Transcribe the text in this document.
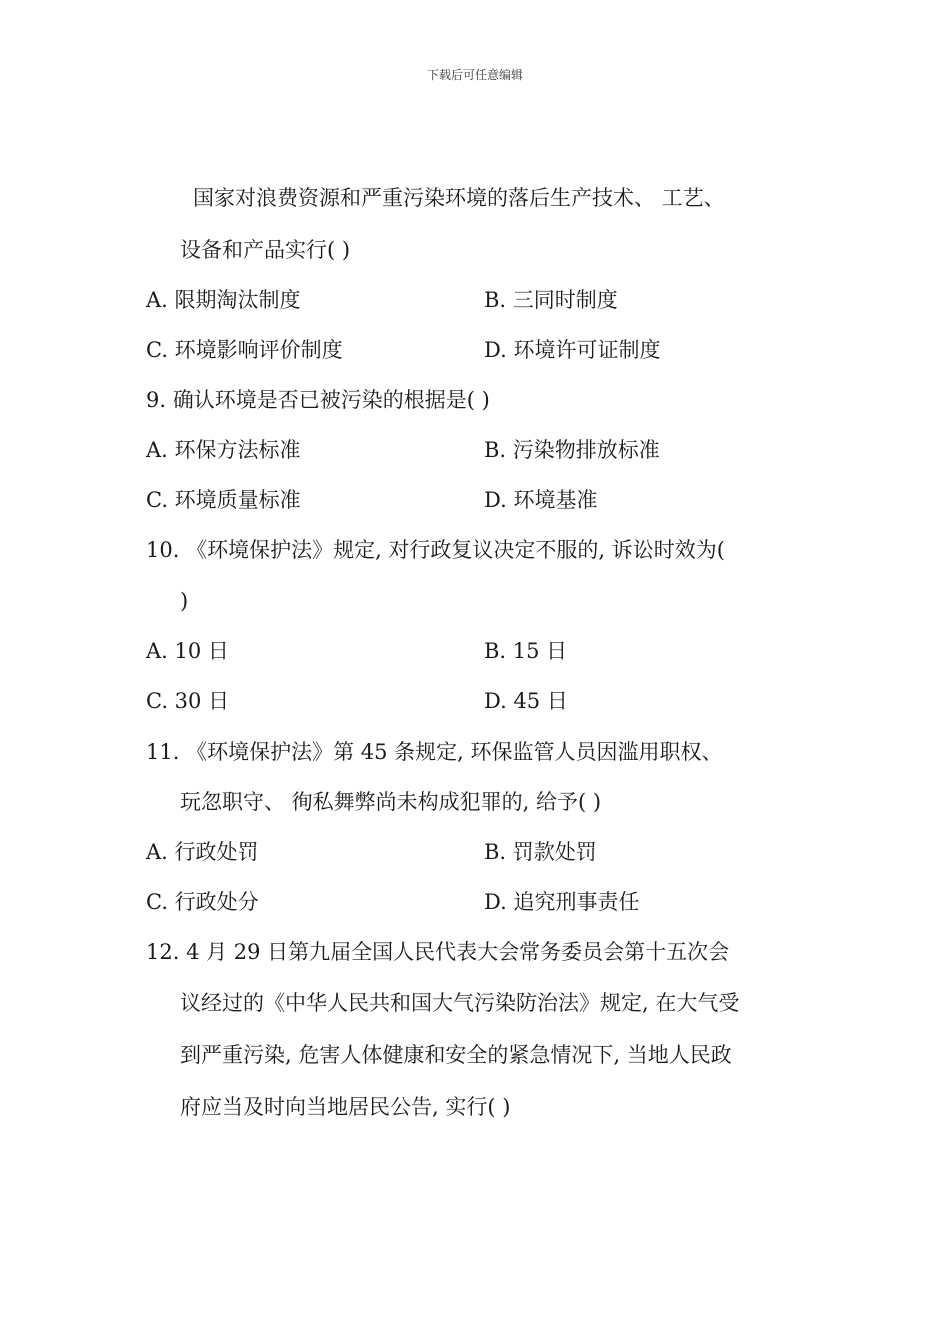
下载后可任意编辑
国家对浪费资源和严重污染环境的落后生产技术、 工艺、
设备和产品实行( )
A. 限期淘汰制度	B. 三同时制度
C. 环境影响评价制度	D. 环境许可证制度
9. 确认环境是否已被污染的根据是( )
A. 环保方法标准	B. 污染物排放标准
C. 环境质量标准	D. 环境基准
10. 《环境保护法》规定, 对行政复议决定不服的, 诉讼时效为(
)
A. 10 日	B. 15 日
C. 30 日	D. 45 日
11. 《环境保护法》第 45 条规定, 环保监管人员因滥用职权、
玩忽职守、 徇私舞弊尚未构成犯罪的, 给予( )
A. 行政处罚	B. 罚款处罚
C. 行政处分	D. 追究刑事责任
12. 4 月 29 日第九届全国人民代表大会常务委员会第十五次会
议经过的《中华人民共和国大气污染防治法》规定, 在大气受
到严重污染, 危害人体健康和安全的紧急情况下, 当地人民政
府应当及时向当地居民公告, 实行( )
